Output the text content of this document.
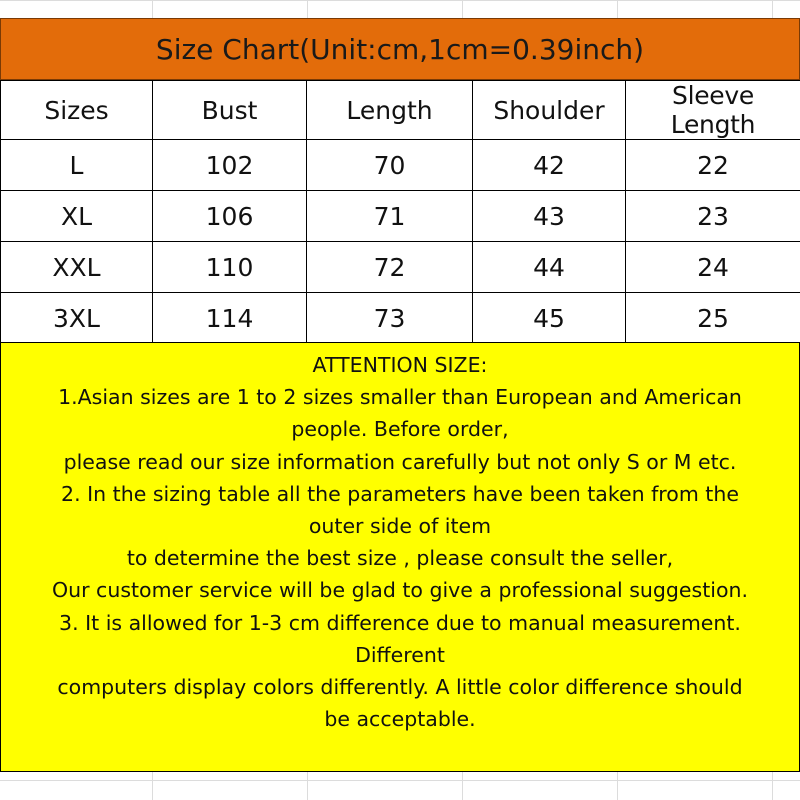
Size Chart(Unit:cm,1cm=0.39inch)
Sizes	Bust	Length	Shoulder	Sleeve Length
L	102	70	42	22
XL	106	71	43	23
XXL	110	72	44	24
3XL	114	73	45	25
ATTENTION SIZE:
1.Asian sizes are 1 to 2 sizes smaller than European and American
people. Before order,
please read our size information carefully but not only S or M etc.
2. In the sizing table all the parameters have been taken from the
outer side of item
to determine the best size , please consult the seller,
Our customer service will be glad to give a professional suggestion.
3. It is allowed for 1-3 cm difference due to manual measurement.
Different
computers display colors differently. A little color difference should
be acceptable.
